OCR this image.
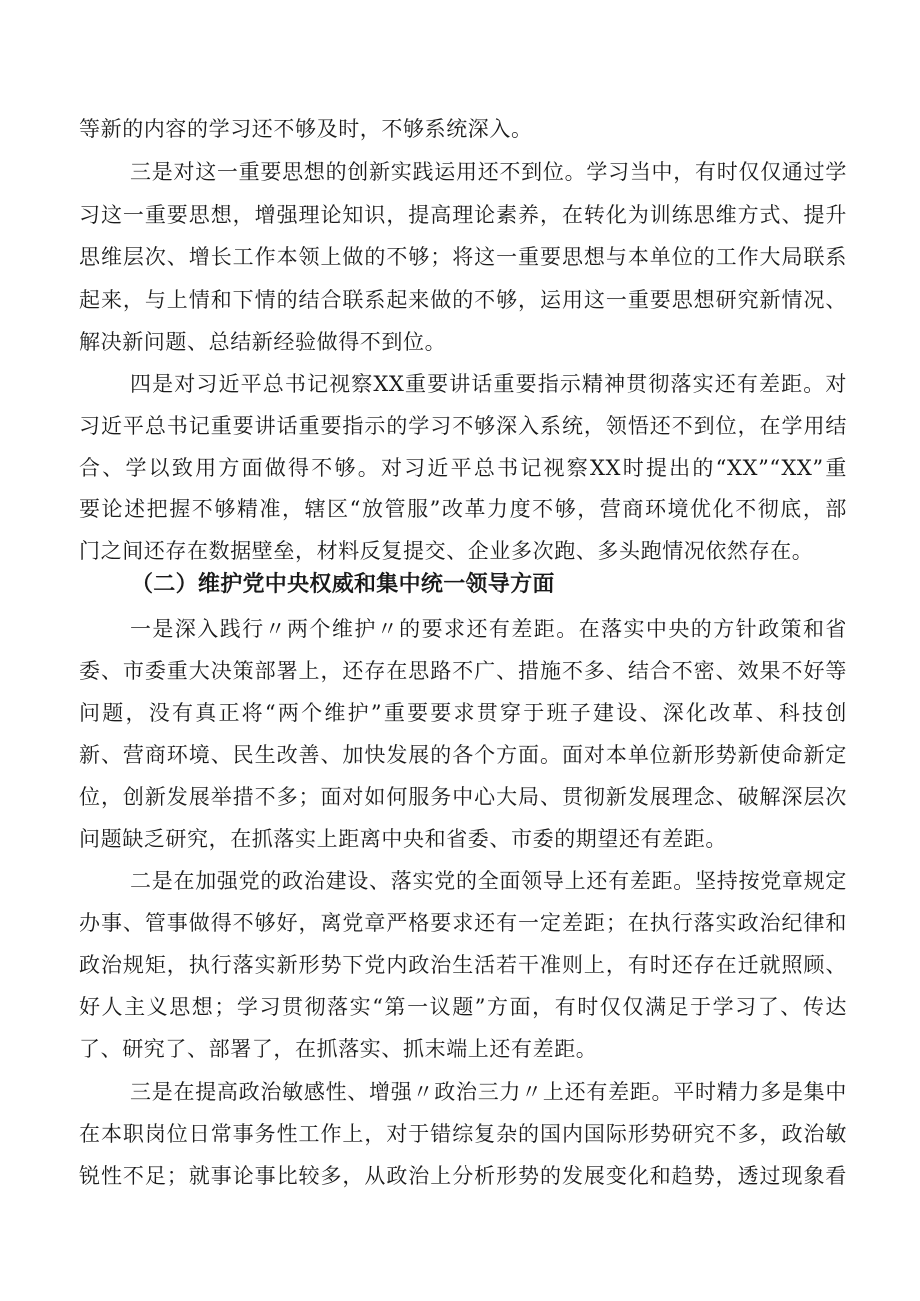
等新的内容的学习还不够及时，不够系统深入。
三是对这一重要思想的创新实践运用还不到位。学习当中，有时仅仅通过学
习这一重要思想，增强理论知识，提高理论素养，在转化为训练思维方式、提升
思维层次、增长工作本领上做的不够；将这一重要思想与本单位的工作大局联系
起来，与上情和下情的结合联系起来做的不够，运用这一重要思想研究新情况、
解决新问题、总结新经验做得不到位。
四是对习近平总书记视察XX重要讲话重要指示精神贯彻落实还有差距。对
习近平总书记重要讲话重要指示的学习不够深入系统，领悟还不到位，在学用结
合、学以致用方面做得不够。对习近平总书记视察XX时提出的“XX”“XX”重
要论述把握不够精准，辖区“放管服”改革力度不够，营商环境优化不彻底，部
门之间还存在数据壁垒，材料反复提交、企业多次跑、多头跑情况依然存在。
（二）维护党中央权威和集中统一领导方面
一是深入践行〃两个维护〃的要求还有差距。在落实中央的方针政策和省
委、市委重大决策部署上，还存在思路不广、措施不多、结合不密、效果不好等
问题，没有真正将“两个维护”重要要求贯穿于班子建设、深化改革、科技创
新、营商环境、民生改善、加快发展的各个方面。面对本单位新形势新使命新定
位，创新发展举措不多；面对如何服务中心大局、贯彻新发展理念、破解深层次
问题缺乏研究，在抓落实上距离中央和省委、市委的期望还有差距。
二是在加强党的政治建设、落实党的全面领导上还有差距。坚持按党章规定
办事、管事做得不够好，离党章严格要求还有一定差距；在执行落实政治纪律和
政治规矩，执行落实新形势下党内政治生活若干准则上，有时还存在迁就照顾、
好人主义思想；学习贯彻落实“第一议题”方面，有时仅仅满足于学习了、传达
了、研究了、部署了，在抓落实、抓末端上还有差距。
三是在提高政治敏感性、增强〃政治三力〃上还有差距。平时精力多是集中
在本职岗位日常事务性工作上，对于错综复杂的国内国际形势研究不多，政治敏
锐性不足；就事论事比较多，从政治上分析形势的发展变化和趋势，透过现象看
